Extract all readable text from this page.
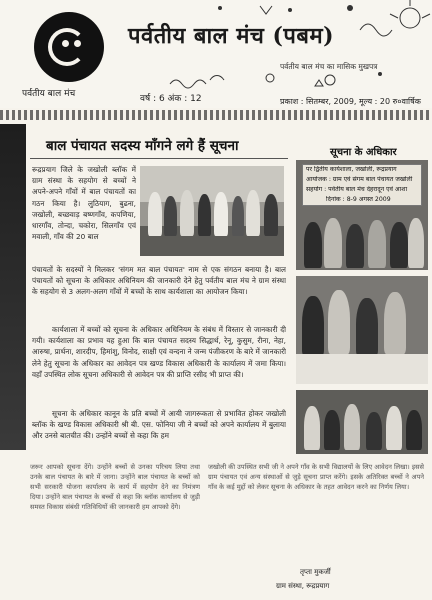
पर्वतीय बाल मंच
पर्वतीय बाल मंच (पबम)
पर्वतीय बाल मंच का मासिक मुखपत्र
वर्ष : 6 अंक : 12	प्रकाश : सितम्बर, 2009, मूल्य : 20 रु०वार्षिक
बाल पंचायत सदस्य माँगने लगे हैं सूचना
रूद्रप्रयाग जिले के जखोली ब्लॉक में ग्राम संस्था के सहयोग से बच्चों ने अपने-अपने गाँवों में बाल पंचायतों का गठन किया है। लुठियाग, बुढना, जखोली, बच्छवाड़ बष्णगाँव, कपणिया, धारगाँव, तोन्दा, चकोरा, सिलगाँव एवं मवाली, गाँव की 20 बाल
पंचायतों के सदस्यों ने मिलकर 'संगम मत बाल पंचायत' नाम से एक संगठन बनाया है। बाल पंचायतों को सूचना के अधिकार अधिनियम की जानकारी देने हेतु पर्वतीय बाल मंच ने ग्राम संस्था के सहयोग से 3 अलग-अलग गाँवों में बच्चों के साथ कार्यशाला का आयोजन किया।
कार्यशाला में बच्चों को सूचना के अधिकार अधिनियम के संबंध में विस्तार से जानकारी दी गयी। कार्यशाला का प्रभाव यह हुआ कि बाल पंचायत सदस्य सिद्धार्थ, रेनू, कुसुम, रीना, नेहा, आरुषा, प्रार्थना, शारदीप, हिमांशु, विनोद, साक्षी एवं वन्दना ने जन्म पंजीकरण के बारे में जानकारी लेने हेतु सूचना के अधिकार का आवेदन पत्र खण्ड विकास अधिकारी के कार्यालय में जमा किया। वहाँ उपस्थित लोक सूचना अधिकारी से आवेदन पत्र की प्राप्ति रसीद भी प्राप्त की।
सूचना के अधिकार कानून के प्रति बच्चों में आयी जागरूकता से प्रभावित होकर जखोली ब्लॉक के खण्ड विकास अधिकारी श्री बी. एस. फोनिया जी ने बच्चों को अपने कार्यालय में बुलाया और उनसे बातचीत की। उन्होंने बच्चों से कहा कि हम
सूचना के अधिकार
पर द्वितीय कार्यशाला, जखोली, रूद्रप्रयाग
आयोजक : ग्राम एवं संगम बाल पंचायत जखोली
सहयोग : पर्वतीय बाल मंच देहरादून एवं आशा
दिनांक : 8-9 अगस्त 2009
जरूर आपको सूचना देंगे। उन्होंने बच्चों से उनका परिचय लिया तथा उनके बाल पंचायत के बारे में जाना। उन्होंने बाल पंचायत के बच्चों को सभी सरकारी योजना कार्यालय के कार्य में सहयोग देने का निमंत्रण दिया। उन्होंने बाल पंचायत के बच्चों से कहा कि ब्लॉक कार्यालय से जुड़ी समस्त विकास संबंधी गतिविधियों की जानकारी हम आपको देंगे।
जखोली की उपस्थित सभी जी ने अपने गाँव के सभी विद्यालयों के लिए आवेदन लिखा। इससे ग्राम पंचायत एवं अन्य संस्थाओं से जुड़े सूचना प्राप्त करेंगे। इसके अतिरिक्त बच्चों ने अपने गाँव के कई मुद्दों को लेकर सूचना के अधिकार के तहत आवेदन करने का निर्णय लिया।
तृप्ता मुकर्जी
ग्राम संस्था, रूद्रप्रयाग
